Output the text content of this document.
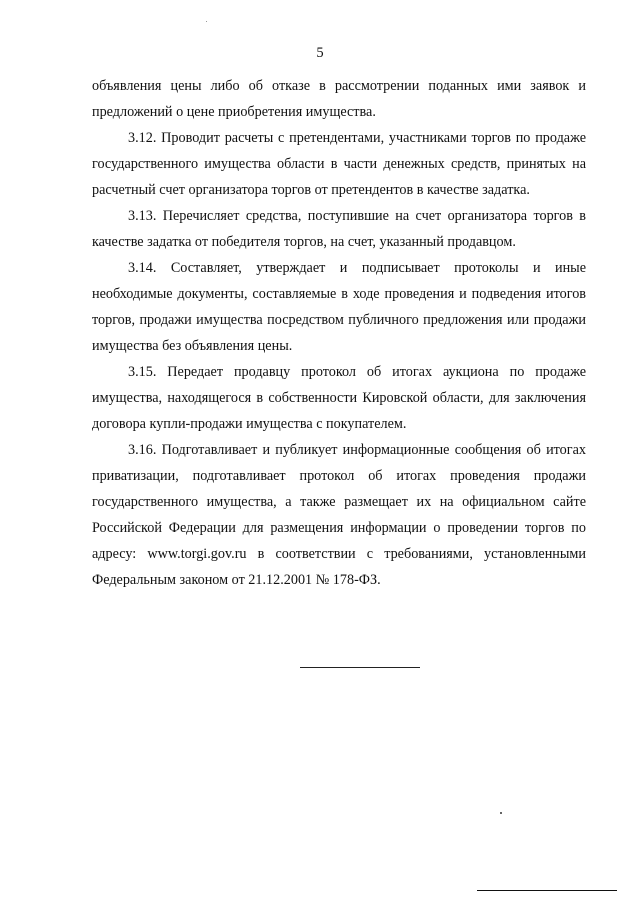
5

объявления цены либо об отказе в рассмотрении поданных ими заявок и предложений о цене приобретения имущества.

3.12. Проводит расчеты с претендентами, участниками торгов по продаже государственного имущества области в части денежных средств, принятых на расчетный счет организатора торгов от претендентов в качестве задатка.

3.13. Перечисляет средства, поступившие на счет организатора торгов в качестве задатка от победителя торгов, на счет, указанный продавцом.

3.14. Составляет, утверждает и подписывает протоколы и иные необходимые документы, составляемые в ходе проведения и подведения итогов торгов, продажи имущества посредством публичного предложения или продажи имущества без объявления цены.

3.15. Передает продавцу протокол об итогах аукциона по продаже имущества, находящегося в собственности Кировской области, для заключения договора купли-продажи имущества с покупателем.

3.16. Подготавливает и публикует информационные сообщения об итогах приватизации, подготавливает протокол об итогах проведения продажи государственного имущества, а также размещает их на официальном сайте Российской Федерации для размещения информации о проведении торгов по адресу: www.torgi.gov.ru в соответствии с требованиями, установленными Федеральным законом от 21.12.2001 № 178-ФЗ.
